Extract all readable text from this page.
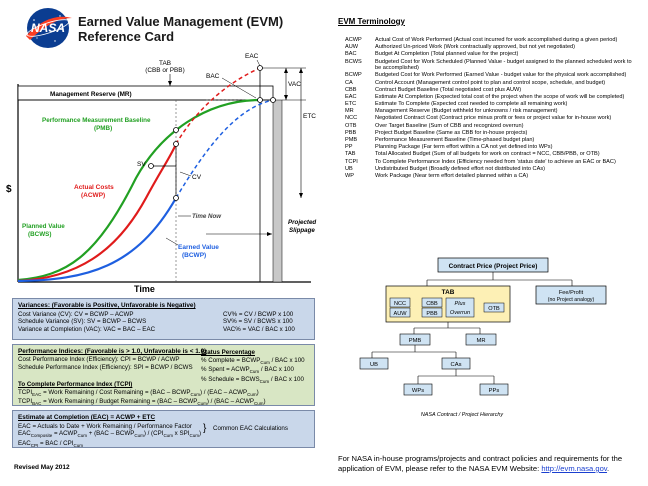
NASA Earned Value Management (EVM)
Reference Card
Management Reserve (MR)
VAC
ETC
Projected
Slippage
TAB
(CBB or PBB)
Time Now
SV
CV
EAC
BAC
Performance Measurement Baseline
(PMB)
Actual Costs
(ACWP)
Planned Value
(BCWS)
Earned Value
(BCWP)
$
Time
Variances: (Favorable is Positive, Unfavorable is Negative)
Cost Variance (CV): CV = BCWP – ACWP	CV% = CV / BCWP x 100
Schedule Variance (SV): SV = BCWP – BCWS	SV% = SV / BCWS x 100
Variance at Completion (VAC): VAC = BAC – EAC	VAC% = VAC / BAC x 100
Performance Indices: (Favorable is > 1.0, Unfavorable is < 1.0)
Cost Performance Index (Efficiency): CPI = BCWP / ACWP
Schedule Performance Index (Efficiency): SPI = BCWP / BCWS
Status Percentage
% Complete = $BCWP_{Cum}$ / BAC x 100
% Spent = $ACWP_{Cum}$ / BAC x 100
% Schedule = $BCWS_{Cum}$ / BAC x 100
To Complete Performance Index (TCPI)
$TCPI_{EAC}$ = Work Remaining / Cost Remaining = $(BAC - BCWP_{Cum}) / (EAC$ – $ACWP_{Cum}$)
$TCPI_{BAC}$ = Work Remaining / Budget Remaining = $(BAC - BCWP_{Cum}) / (BAC$ – $ACWP_{Cum}$)
Estimate at Completion (EAC) = ACWP + ETC
EAC = Actuals to Date + Work Remaining / Performance Factor
$EAC_{Composite}$ = $ACWP_{Cum} + (BAC$ – $BCWP_{Cum}) / (CPI_{Cum}$ x $SPI_{Cum}$)
$EAC_{CPI}$ = BAC / $CPI_{Cum}$
} Common EAC Calculations
Revised May 2012
EVM Terminology
ACWP	Actual Cost of Work Performed (Actual cost incurred for work accomplished during a given period)
AUW	Authorized Un-priced Work (Work contractually approved, but not yet negotiated)
BAC	Budget At Completion (Total planned value for the project)
BCWS	Budgeted Cost for Work Scheduled (Planned Value - budget assigned to the planned scheduled work to be accomplished)
BCWP	Budgeted Cost for Work Performed (Earned Value - budget value for the physical work accomplished)
CA	Control Account (Management control point to plan and control scope, schedule, and budget)
CBB	Contract Budget Baseline (Total negotiated cost plus AUW)
EAC	Estimate At Completion (Expected total cost of the project when the scope of work will be completed)
ETC	Estimate To Complete (Expected cost needed to complete all remaining work)
MR	Management Reserve (Budget withheld for unknowns / risk management)
NCC	Negotiated Contract Cost (Contract price minus profit or fees or project value for in-house work)
OTB	Over Target Baseline (Sum of CBB and recognized overrun)
PBB	Project Budget Baseline (Same as CBB for in-house projects)
PMB	Performance Measurement Baseline (Time-phased budget plan)
PP	Planning Package (Far term effort within a CA not yet defined into WPs)
TAB	Total Allocated Budget (Sum of all budgets for work on contract = NCC, CBB/PBB, or OTB)
TCPI	To Complete Performance Index (Efficiency needed from 'status date' to achieve an EAC or BAC)
UB	Undistributed Budget (Broadly defined effort not distributed into CAs)
WP	Work Package (Near term effort detailed planned within a CA)
Contract Price (Project Price)
TAB	Fee/Profit
(no Project analogy)
NCC
AUW
CBB
PBB
Plus
Overrun
OTB
PMB	MR
UB	CAs
WPs	PPs
NASA Contract / Project Hierarchy
For NASA in-house programs/projects and contract policies and requirements for the application of EVM, please refer to the NASA EVM Website: http://evm.nasa.gov.
